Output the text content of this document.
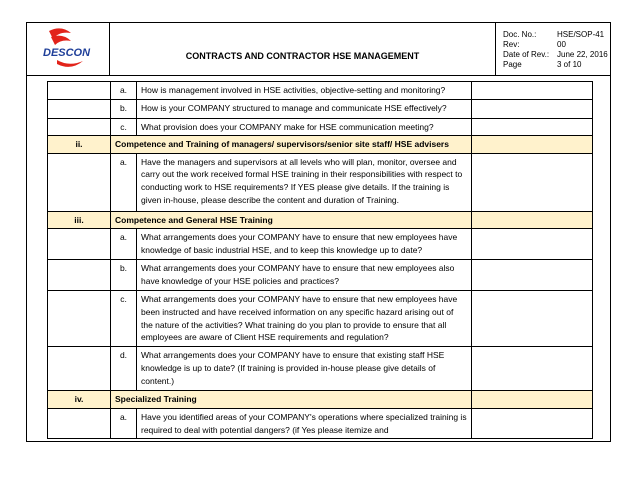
DESCON	CONTRACTS AND CONTRACTOR HSE MANAGEMENT
Doc. No.:	HSE/SOP-41
Rev:	00
Date of Rev.: June 22, 2016
Page	3 of 10
	a.	How is management involved in HSE activities, objective-setting and monitoring?	
	b.	How is your COMPANY structured to manage and communicate HSE effectively?	
	c.	What provision does your COMPANY make for HSE communication meeting?	
ii.	Competence and Training of managers/ supervisors/senior site staff/ HSE advisers		
	a.	Have the managers and supervisors at all levels who will plan, monitor, oversee and carry out the work received formal HSE training in their responsibilities with respect to conducting work to HSE requirements? If YES please give details. If the training is given in-house, please describe the content and duration of Training.	
iii.	Competence and General HSE Training		
	a.	What arrangements does your COMPANY have to ensure that new employees have knowledge of basic industrial HSE, and to keep this knowledge up to date?	
	b.	What arrangements does your COMPANY have to ensure that new employees also have knowledge of your HSE policies and practices?	
	c.	What arrangements does your COMPANY have to ensure that new employees have been instructed and have received information on any specific hazard arising out of the nature of the activities? What training do you plan to provide to ensure that all employees are aware of Client HSE requirements and regulation?	
	d.	What arrangements does your COMPANY have to ensure that existing staff HSE knowledge is up to date? (If training is provided in-house please give details of content.)	
iv.	Specialized Training		
	a.	Have you identified areas of your COMPANY's operations where specialized training is required to deal with potential dangers? (if Yes please itemize and	
